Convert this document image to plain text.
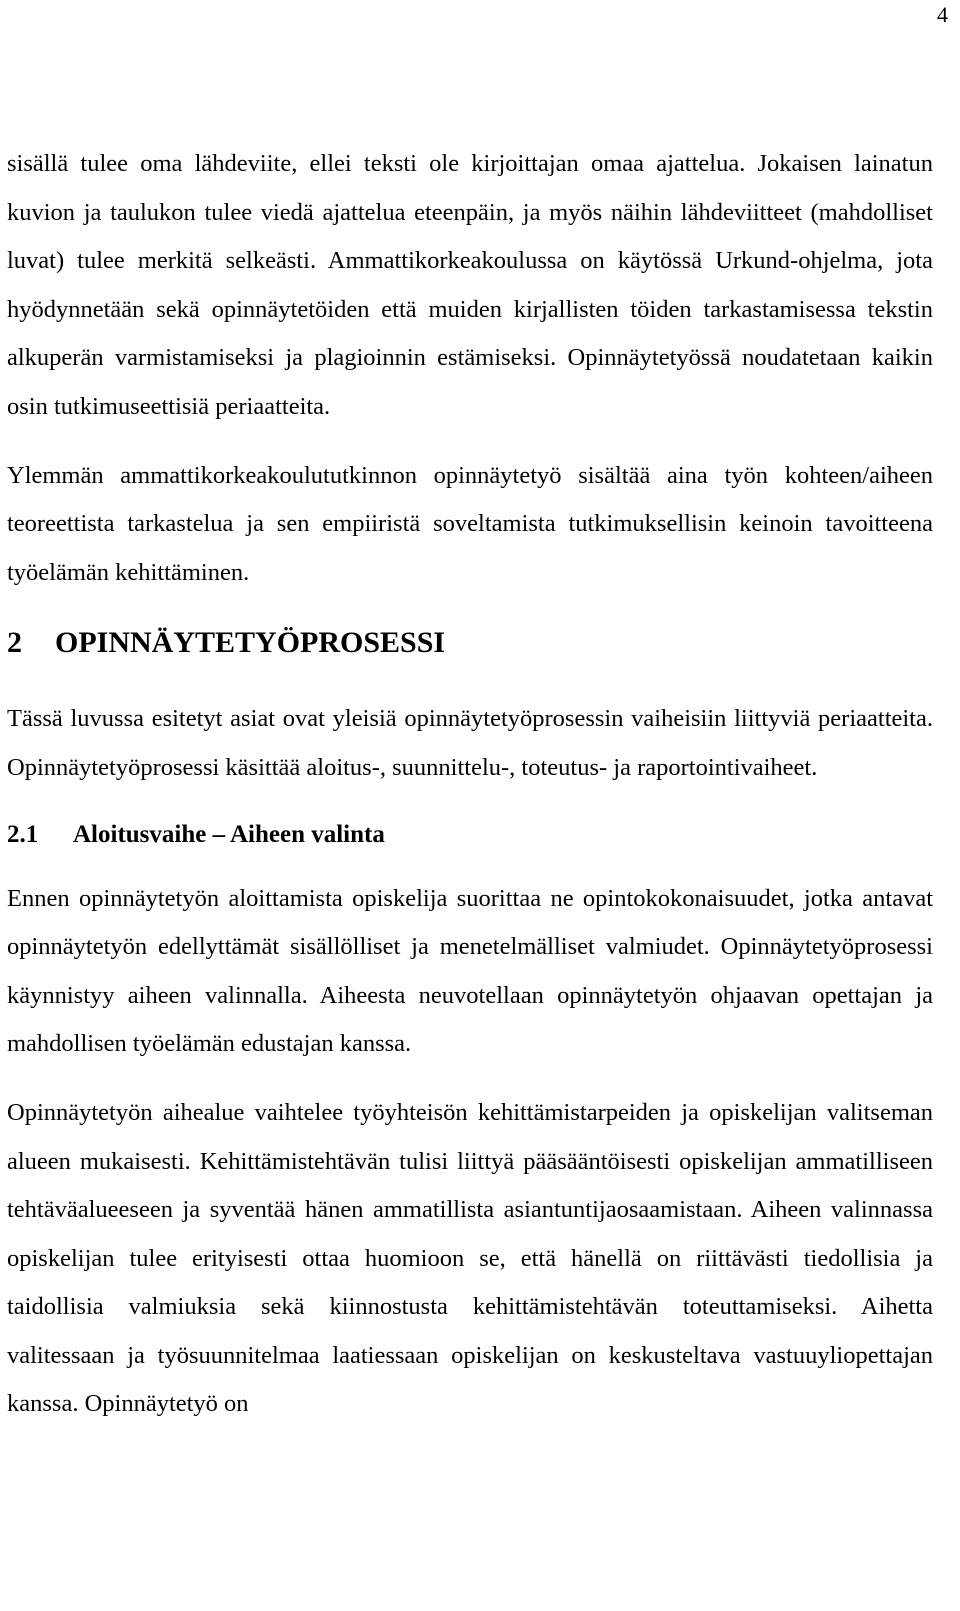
4

sisällä tulee oma lähdeviite, ellei teksti ole kirjoittajan omaa ajattelua. Jokaisen lainatun kuvion ja taulukon tulee viedä ajattelua eteenpäin, ja myös näihin lähdeviitteet (mahdolliset luvat) tulee merkitä selkeästi. Ammattikorkeakoulussa on käytössä Urkund-ohjelma, jota hyödynnetään sekä opinnäytetöiden että muiden kirjallisten töiden tarkastamisessa tekstin alkuperän varmistamiseksi ja plagioinnin estämiseksi. Opinnäytetyössä noudatetaan kaikin osin tutkimuseettisiä periaatteita.

Ylemmän ammattikorkeakoulututkinnon opinnäytetyö sisältää aina työn kohteen/aiheen teoreettista tarkastelua ja sen empiiristä soveltamista tutkimuksellisin keinoin tavoitteena työelämän kehittäminen.

2 OPINNÄYTETYÖPROSESSI

Tässä luvussa esitetyt asiat ovat yleisiä opinnäytetyöprosessin vaiheisiin liittyviä periaatteita. Opinnäytetyöprosessi käsittää aloitus-, suunnittelu-, toteutus- ja raportointivaiheet.

2.1 Aloitusvaihe – Aiheen valinta

Ennen opinnäytetyön aloittamista opiskelija suorittaa ne opintokokonaisuudet, jotka antavat opinnäytetyön edellyttämät sisällölliset ja menetelmälliset valmiudet. Opinnäytetyöprosessi käynnistyy aiheen valinnalla. Aiheesta neuvotellaan opinnäytetyön ohjaavan opettajan ja mahdollisen työelämän edustajan kanssa.

Opinnäytetyön aihealue vaihtelee työyhteisön kehittämistarpeiden ja opiskelijan valitseman alueen mukaisesti. Kehittämistehtävän tulisi liittyä pääsääntöisesti opiskelijan ammatilliseen tehtäväalueeseen ja syventää hänen ammatillista asiantuntijaosaamistaan. Aiheen valinnassa opiskelijan tulee erityisesti ottaa huomioon se, että hänellä on riittävästi tiedollisia ja taidollisia valmiuksia sekä kiinnostusta kehittämistehtävän toteuttamiseksi. Aihetta valitessaan ja työsuunnitelmaa laatiessaan opiskelijan on keskusteltava vastuuyliopettajan kanssa. Opinnäytetyö on
